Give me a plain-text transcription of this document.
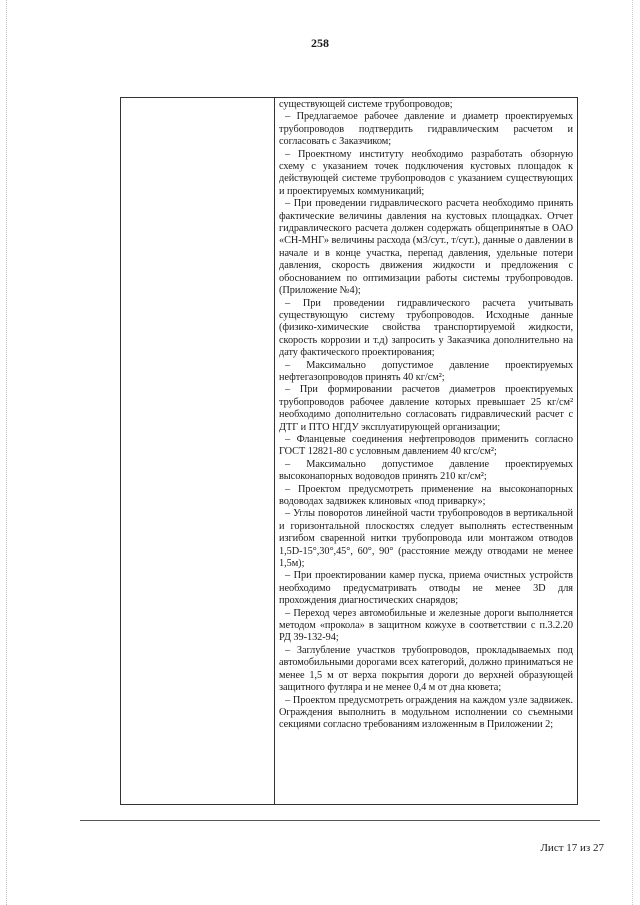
258

существующей системе трубопроводов;

– Предлагаемое рабочее давление и диаметр проектируемых трубопроводов подтвердить гидравлическим расчетом и согласовать с Заказчиком;

– Проектному институту необходимо разработать обзорную схему с указанием точек подключения кустовых площадок к действующей системе трубопроводов с указанием существующих и проектируемых коммуникаций;

– При проведении гидравлического расчета необходимо принять фактические величины давления на кустовых площадках. Отчет гидравлического расчета должен содержать общепринятые в ОАО «СН-МНГ» величины расхода (м3/сут., т/сут.), данные о давлении в начале и в конце участка, перепад давления, удельные потери давления, скорость движения жидкости и предложения с обоснованием по оптимизации работы системы трубопроводов. (Приложение №4);

– При проведении гидравлического расчета учитывать существующую систему трубопроводов. Исходные данные (физико-химические свойства транспортируемой жидкости, скорость коррозии и т.д) запросить у Заказчика дополнительно на дату фактического проектирования;

– Максимально допустимое давление проектируемых нефтегазопроводов принять 40 кг/см²;

– При формировании расчетов диаметров проектируемых трубопроводов рабочее давление которых превышает 25 кг/см² необходимо дополнительно согласовать гидравлический расчет с ДТГ и ПТО НГДУ эксплуатирующей организации;

– Фланцевые соединения нефтепроводов применить согласно ГОСТ 12821-80 с условным давлением 40 кгс/см²;

– Максимально допустимое давление проектируемых высоконапорных водоводов принять 210 кг/см²;

– Проектом предусмотреть применение на высоконапорных водоводах задвижек клиновых «под приварку»;

– Углы поворотов линейной части трубопроводов в вертикальной и горизонтальной плоскостях следует выполнять естественным изгибом сваренной нитки трубопровода или монтажом отводов 1,5D-15°,30°,45°, 60°, 90° (расстояние между отводами не менее 1,5м);

– При проектировании камер пуска, приема очистных устройств необходимо предусматривать отводы не менее 3D для прохождения диагностических снарядов;

– Переход через автомобильные и железные дороги выполняется методом «прокола» в защитном кожухе в соответствии с п.3.2.20 РД 39-132-94;

– Заглубление участков трубопроводов, прокладываемых под автомобильными дорогами всех категорий, должно приниматься не менее 1,5 м от верха покрытия дороги до верхней образующей защитного футляра и не менее 0,4 м от дна кювета;

– Проектом предусмотреть ограждения на каждом узле задвижек. Ограждения выполнить в модульном исполнении со съемными секциями согласно требованиям изложенным в Приложении 2;

Лист 17 из 27
